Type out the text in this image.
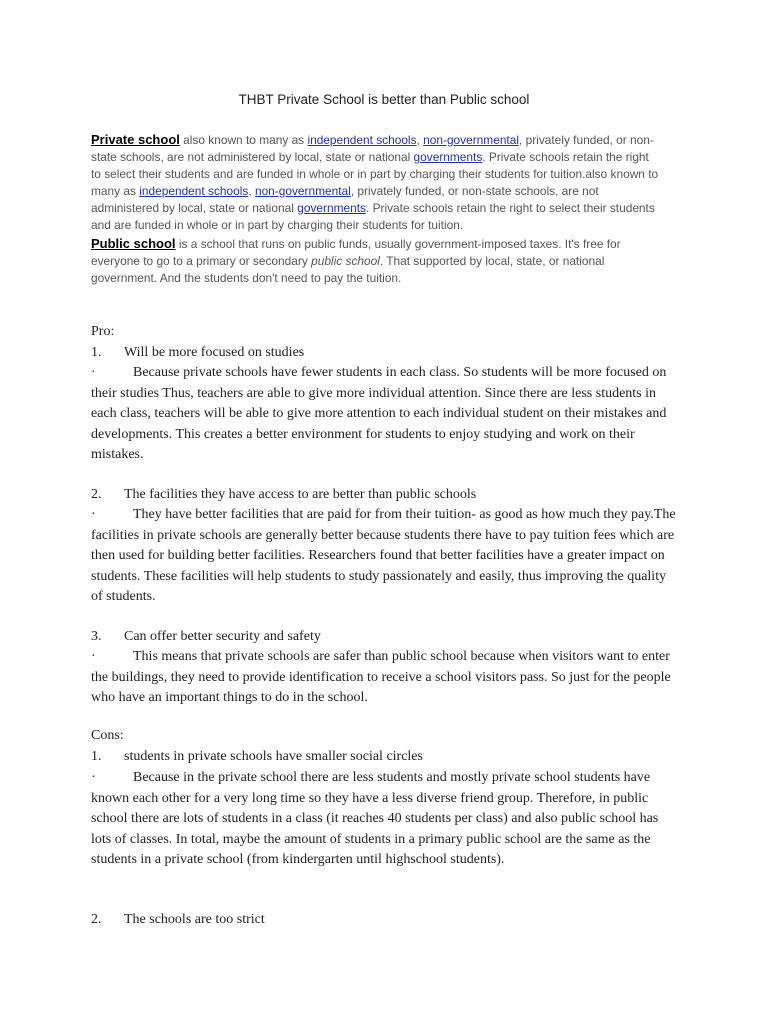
THBT Private School is better than Public school
Private school also known to many as independent schools, non-governmental, privately funded, or non-state schools, are not administered by local, state or national governments. Private schools retain the right to select their students and are funded in whole or in part by charging their students for tuition.also known to many as independent schools, non-governmental, privately funded, or non-state schools, are not administered by local, state or national governments. Private schools retain the right to select their students and are funded in whole or in part by charging their students for tuition.
Public school is a school that runs on public funds, usually government-imposed taxes. It's free for everyone to go to a primary or secondary public school. That supported by local, state, or national government. And the students don't need to pay the tuition.
Pro:
1. Will be more focused on studies
·	Because private schools have fewer students in each class. So students will be more focused on their studies Thus, teachers are able to give more individual attention. Since there are less students in each class, teachers will be able to give more attention to each individual student on their mistakes and developments. This creates a better environment for students to enjoy studying and work on their mistakes.
2. The facilities they have access to are better than public schools
·	They have better facilities that are paid for from their tuition- as good as how much they pay.The facilities in private schools are generally better because students there have to pay tuition fees which are then used for building better facilities. Researchers found that better facilities have a greater impact on students. These facilities will help students to study passionately and easily, thus improving the quality of students.
3. Can offer better security and safety
·	This means that private schools are safer than public school because when visitors want to enter the buildings, they need to provide identification to receive a school visitors pass. So just for the people who have an important things to do in the school.
Cons:
1. students in private schools have smaller social circles
·	Because in the private school there are less students and mostly private school students have known each other for a very long time so they have a less diverse friend group. Therefore, in public school there are lots of students in a class (it reaches 40 students per class) and also public school has lots of classes. In total, maybe the amount of students in a primary public school are the same as the students in a private school (from kindergarten until highschool students).
2. The schools are too strict
